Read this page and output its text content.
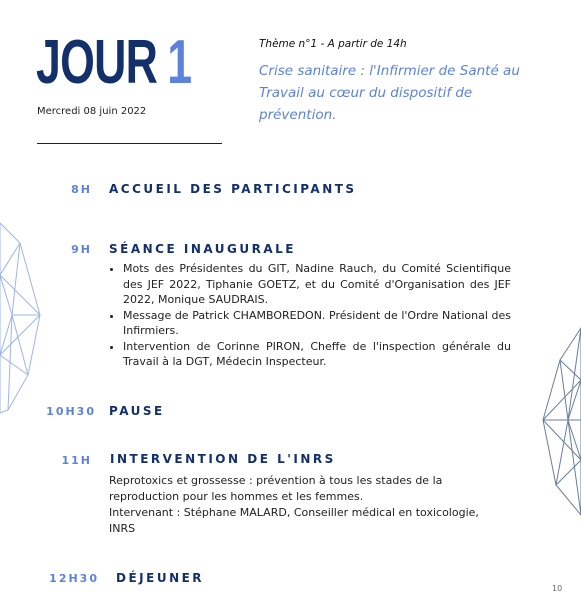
JOUR 1
Mercredi 08 juin 2022
Thème n°1 - A partir de 14h
Crise sanitaire : l'Infirmier de Santé au Travail au cœur du dispositif de prévention.
8H ACCUEIL DES PARTICIPANTS
9H SÉANCE INAUGURALE
• Mots des Présidentes du GIT, Nadine Rauch, du Comité Scientifique des JEF 2022, Tiphanie GOETZ, et du Comité d'Organisation des JEF 2022, Monique SAUDRAIS.
• Message de Patrick CHAMBOREDON. Président de l'Ordre National des Infirmiers.
• Intervention de Corinne PIRON, Cheffe de l'inspection générale du Travail à la DGT, Médecin Inspecteur.
10H30 PAUSE
11H INTERVENTION DE L'INRS
Reprotoxics et grossesse : prévention à tous les stades de la reproduction pour les hommes et les femmes.
Intervenant : Stéphane MALARD, Conseiller médical en toxicologie, INRS
12H30 DÉJEUNER
10
